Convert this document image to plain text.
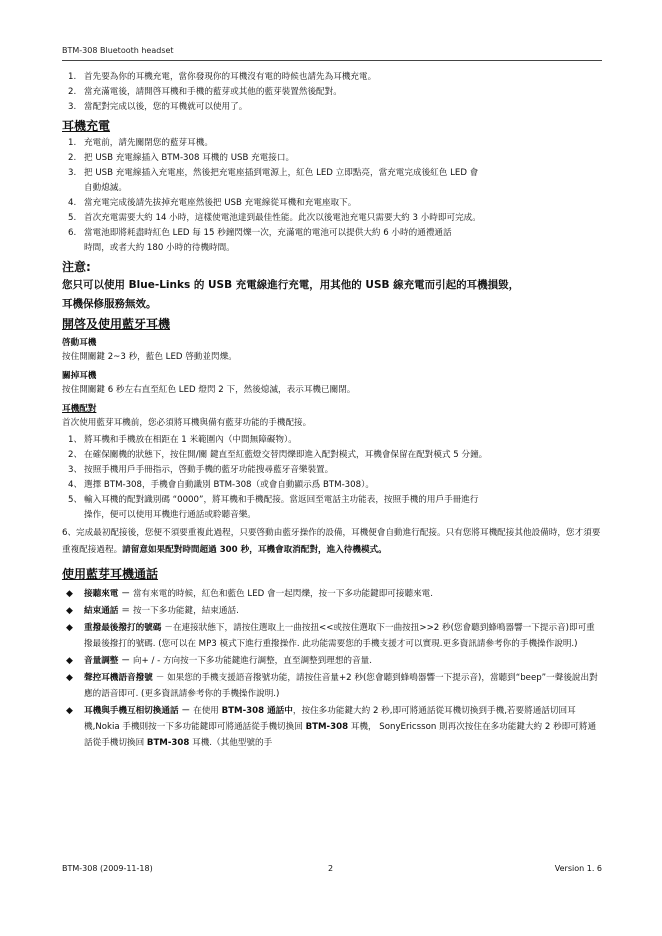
BTM-308 Bluetooth headset
1. 首先要為你的耳機充電，當你發現你的耳機沒有電的時候也請先為耳機充電。
2. 當充滿電後，請開啓耳機和手機的藍芽或其他的藍芽裝置然後配對。
3. 當配對完成以後，您的耳機就可以使用了。
耳機充電
1. 充電前，請先關閉您的藍芽耳機。
2. 把 USB 充電線插入 BTM-308 耳機的 USB 充電接口。
3. 把 USB 充電線插入充電座，然後把充電座插到電源上，紅色 LED 立即點亮，當充電完成後紅色 LED 會
自動熄滅。
4. 當充電完成後請先拔掉充電座然後把 USB 充電線從耳機和充電座取下。
5. 首次充電需要大約 14 小時，這樣使電池達到最佳性能。此次以後電池充電只需要大約 3 小時即可完成。
6. 當電池即將耗盡時紅色 LED 每 15 秒鐘閃爍一次，充滿電的電池可以提供大約 6 小時的通禮通話
時間，或者大約 180 小時的待機時間。
注意:
您只可以使用 Blue-Links 的 USB 充電線進行充電，用其他的 USB 線充電而引起的耳機損毀，
耳機保修服務無效。
開啓及使用藍牙耳機
啓動耳機
按住開關鍵 2~3 秒，藍色 LED 啓動並閃爍。
關掉耳機
按住開關鍵 6 秒左右直至紅色 LED 燈閃 2 下，然後熄滅，表示耳機已關閉。
耳機配對
首次使用藍芽耳機前，您必須將耳機與備有藍芽功能的手機配接。
1、 將耳機和手機放在相距在 1 米範圍內（中間無障礙物）。
2、 在確保關機的狀態下，按住開/關 鍵直至紅藍燈交替閃爍即進入配對模式，耳機會保留在配對模式 5 分鐘。
3、 按照手機用戶手冊指示，啓動手機的藍牙功能搜尋藍牙音樂裝置。
4、 選擇 BTM-308，手機會自動識別 BTM-308（或會自動顯示爲 BTM-308）。
5、 輸入耳機的配對識別碼 “0000”，將耳機和手機配接。當返回至電話主功能表，按照手機的用戶手冊進行
操作，便可以使用耳機進行通話或聆聽音樂。
6、完成最初配接後，您便不須要重複此過程，只要啓動由藍牙操作的設備，耳機便會自動進行配接。只有您將耳機配接其他設備時，您才須要重複配接過程。請留意如果配對時間超過 300 秒，耳機會取消配對，進入待機模式。
使用藍芽耳機通話
◆ 接聽來電 － 當有來電的時候，紅色和藍色 LED 會一起閃爍，按一下多功能鍵即可接聽來電.
◆ 結束通話 ＝ 按一下多功能鍵，結束通話.
◆ 重撥最後撥打的號碼 －在連接狀態下，請按住選取上一曲按扭<<或按住選取下一曲按扭>>2 秒(您會聽到蜂鳴器響一下提示音)即可重撥最後撥打的號碼. (您可以在 MP3 模式下進行重撥操作. 此功能需要您的手機支援才可以實現.更多資訊請參考你的手機操作說明.)
◆ 音量調整 － 向+ / - 方向按一下多功能鍵進行調整，直至調整到理想的音量.
◆ 聲控耳機語音撥號 － 如果您的手機支援語音撥號功能，請按住音量+2 秒(您會聽到蜂鳴器響一下提示音)，當聽到“beep”一聲後說出對應的語音即可. (更多資訊請參考你的手機操作說明.)
◆ 耳機與手機互相切換通話 － 在使用 BTM-308 通話中，按住多功能鍵大約 2 秒,即可將通話從耳機切換到手機,若要將通話切回耳機,Nokia 手機則按一下多功能鍵即可將通話從手機切換回 BTM-308 耳機， SonyEricsson 則再次按住在多功能鍵大約 2 秒即可將通話從手機切換回 BTM-308 耳機.（其他型號的手
BTM-308 (2009-11-18)	2	Version 1. 6
